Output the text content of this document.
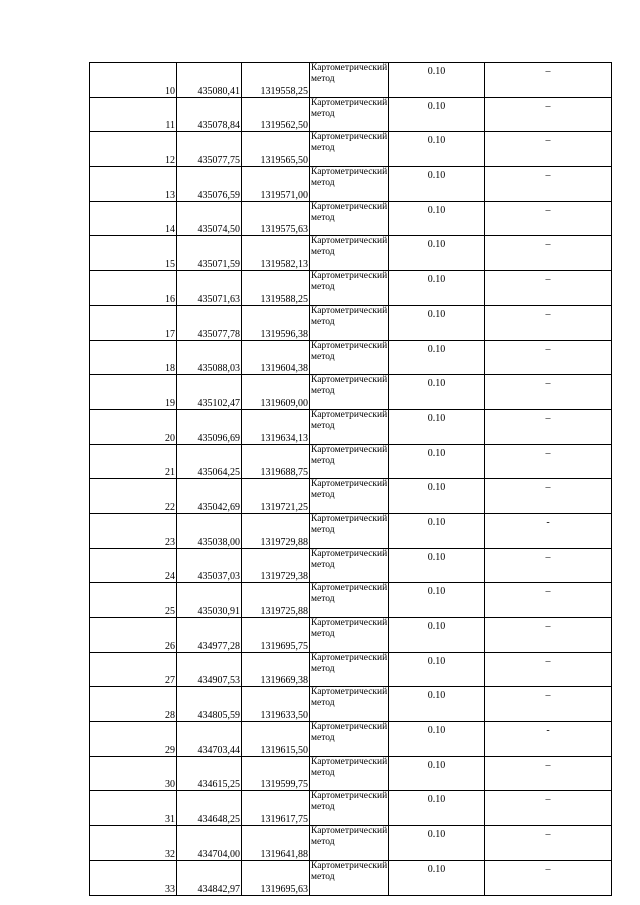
10	435080,41	1319558,25	Картометрический метод	0.10	–
11	435078,84	1319562,50	Картометрический метод	0.10	–
12	435077,75	1319565,50	Картометрический метод	0.10	–
13	435076,59	1319571,00	Картометрический метод	0.10	–
14	435074,50	1319575,63	Картометрический метод	0.10	–
15	435071,59	1319582,13	Картометрический метод	0.10	–
16	435071,63	1319588,25	Картометрический метод	0.10	–
17	435077,78	1319596,38	Картометрический метод	0.10	–
18	435088,03	1319604,38	Картометрический метод	0.10	–
19	435102,47	1319609,00	Картометрический метод	0.10	–
20	435096,69	1319634,13	Картометрический метод	0.10	–
21	435064,25	1319688,75	Картометрический метод	0.10	–
22	435042,69	1319721,25	Картометрический метод	0.10	–
23	435038,00	1319729,88	Картометрический метод	0.10	-
24	435037,03	1319729,38	Картометрический метод	0.10	–
25	435030,91	1319725,88	Картометрический метод	0.10	–
26	434977,28	1319695,75	Картометрический метод	0.10	–
27	434907,53	1319669,38	Картометрический метод	0.10	–
28	434805,59	1319633,50	Картометрический метод	0.10	–
29	434703,44	1319615,50	Картометрический метод	0.10	-
30	434615,25	1319599,75	Картометрический метод	0.10	–
31	434648,25	1319617,75	Картометрический метод	0.10	–
32	434704,00	1319641,88	Картометрический метод	0.10	–
33	434842,97	1319695,63	Картометрический метод	0.10	–
